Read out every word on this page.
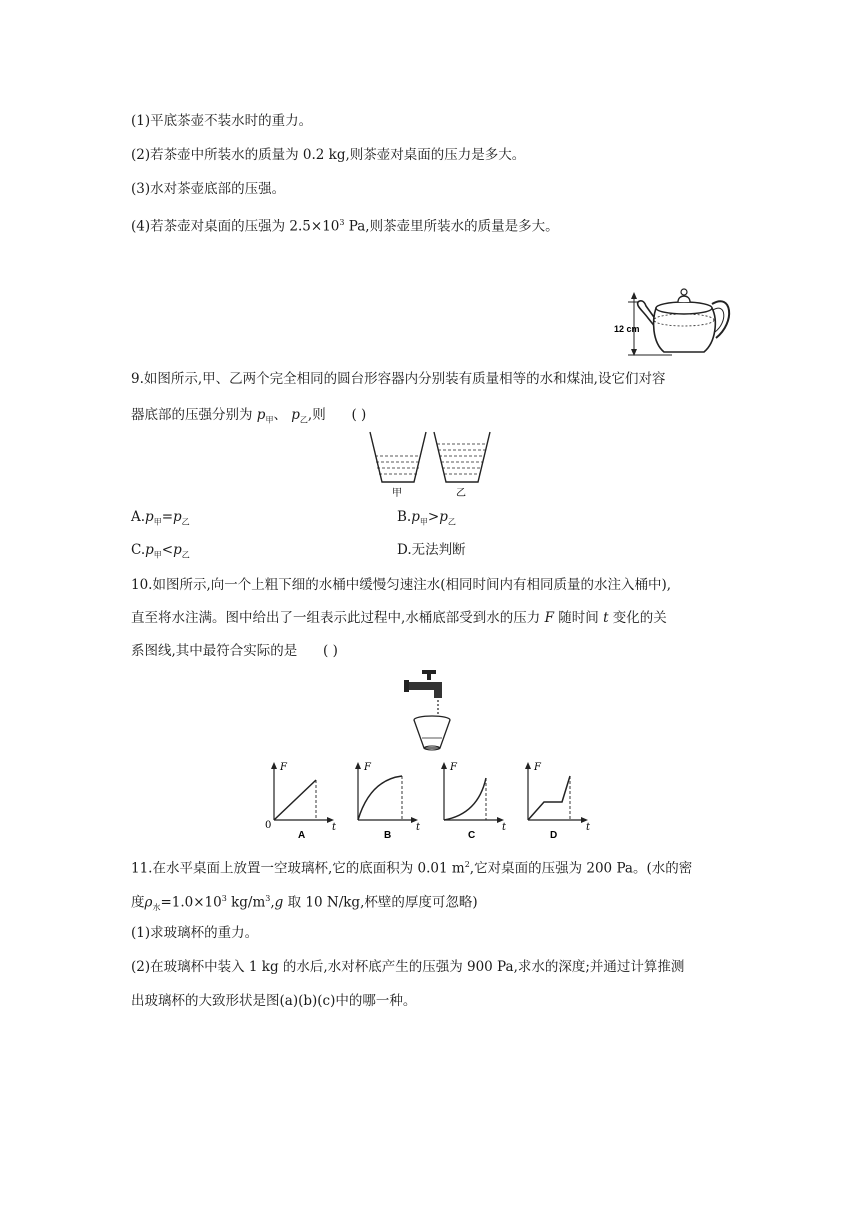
(1)平底茶壶不装水时的重力。
(2)若茶壶中所装水的质量为 0.2 kg,则茶壶对桌面的压力是多大。
(3)水对茶壶底部的压强。
(4)若茶壶对桌面的压强为 $2.5\times 10^3$ Pa,则茶壶里所装水的质量是多大。
12 cm
9.如图所示,甲、乙两个完全相同的圆台形容器内分别装有质量相等的水和煤油,设它们对容
器底部的压强分别为 $p_甲$、 $p_乙$,则 ( )
甲	乙
$A.p_甲=p_乙$	$B.p_甲>p_乙$
$C.p_甲<p_乙$	D.无法判断
10.如图所示,向一个上粗下细的水桶中缓慢匀速注水(相同时间内有相同质量的水注入桶中),
直至将水注满。图中给出了一组表示此过程中,水桶底部受到水的压力 F 随时间 t 变化的关
系图线,其中最符合实际的是 ( )
F
t
0
A
F
t
B
F
t
C
F
t
D
11.在水平桌面上放置一空玻璃杯,它的底面积为 0.01 $m^2$,它对桌面的压强为 200 Pa。(水的密
度$\rho_水=1.0\times 10^3$ $kg/m^3,g$ 取 10 N/kg,杯壁的厚度可忽略)
(1)求玻璃杯的重力。
(2)在玻璃杯中装入 1 kg 的水后,水对杯底产生的压强为 900 Pa,求水的深度;并通过计算推测
出玻璃杯的大致形状是图(a)(b)(c)中的哪一种。
